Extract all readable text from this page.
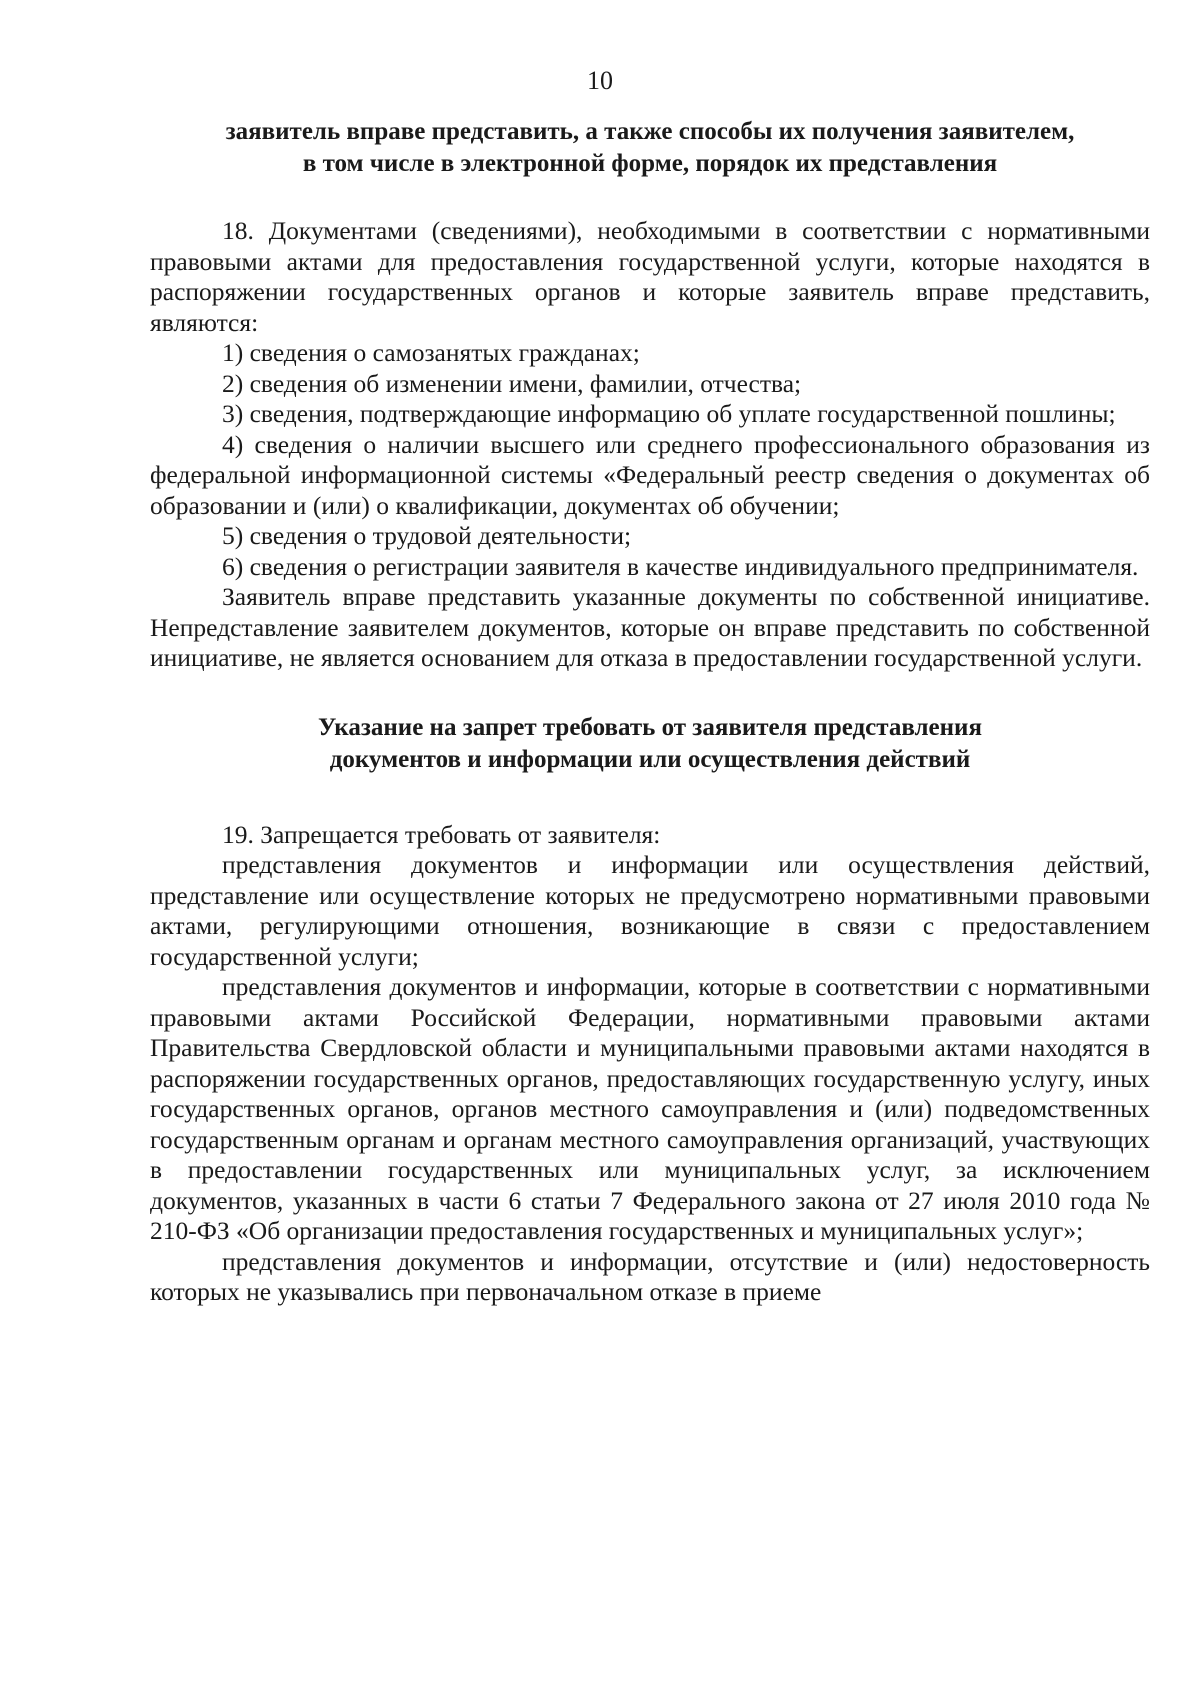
10
заявитель вправе представить, а также способы их получения заявителем,
в том числе в электронной форме, порядок их представления

18. Документами (сведениями), необходимыми в соответствии с нормативными правовыми актами для предоставления государственной услуги, которые находятся в распоряжении государственных органов и которые заявитель вправе представить, являются:

1) сведения о самозанятых гражданах;

2) сведения об изменении имени, фамилии, отчества;

3) сведения, подтверждающие информацию об уплате государственной пошлины;

4) сведения о наличии высшего или среднего профессионального образования из федеральной информационной системы «Федеральный реестр сведения о документах об образовании и (или) о квалификации, документах об обучении;

5) сведения о трудовой деятельности;

6) сведения о регистрации заявителя в качестве индивидуального предпринимателя.

Заявитель вправе представить указанные документы по собственной инициативе. Непредставление заявителем документов, которые он вправе представить по собственной инициативе, не является основанием для отказа в предоставлении государственной услуги.

Указание на запрет требовать от заявителя представления
документов и информации или осуществления действий

19. Запрещается требовать от заявителя:

представления документов и информации или осуществления действий, представление или осуществление которых не предусмотрено нормативными правовыми актами, регулирующими отношения, возникающие в связи с предоставлением государственной услуги;

представления документов и информации, которые в соответствии с нормативными правовыми актами Российской Федерации, нормативными правовыми актами Правительства Свердловской области и муниципальными правовыми актами находятся в распоряжении государственных органов, предоставляющих государственную услугу, иных государственных органов, органов местного самоуправления и (или) подведомственных государственным органам и органам местного самоуправления организаций, участвующих в предоставлении государственных или муниципальных услуг, за исключением документов, указанных в части 6 статьи 7 Федерального закона от 27 июля 2010 года № 210-ФЗ «Об организации предоставления государственных и муниципальных услуг»;

представления документов и информации, отсутствие и (или) недостоверность которых не указывались при первоначальном отказе в приеме
